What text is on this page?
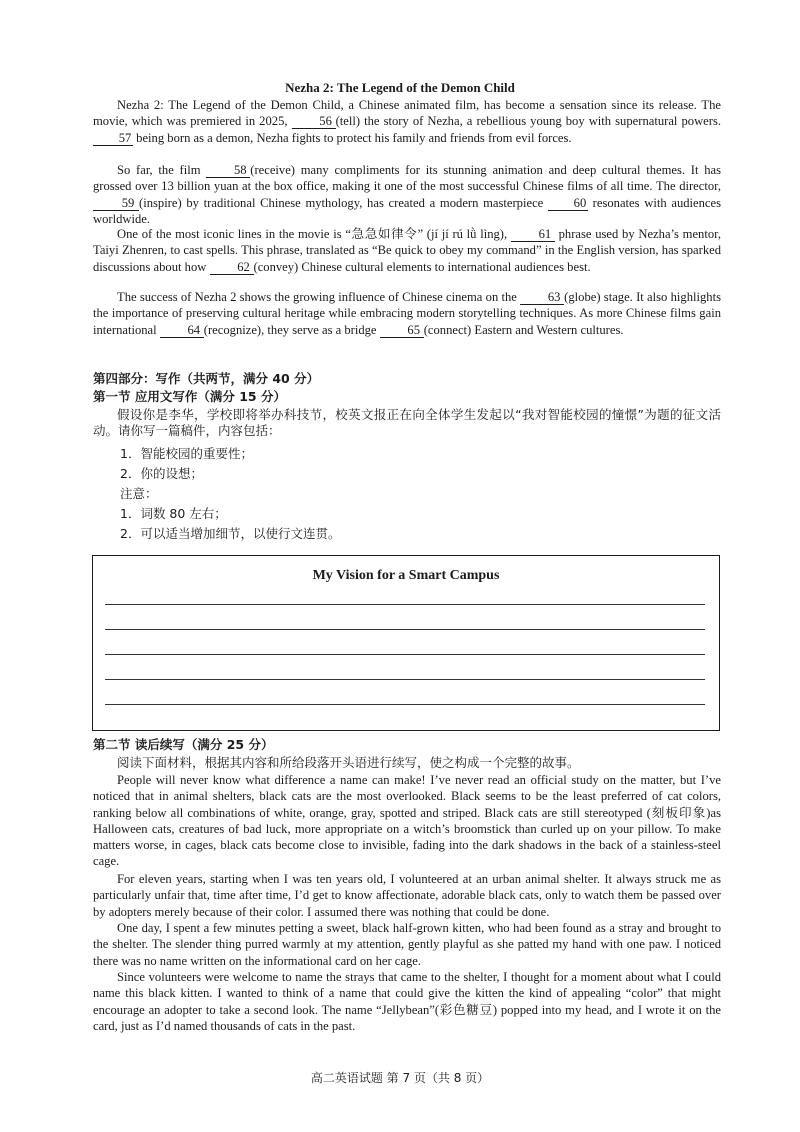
Nezha 2: The Legend of the Demon Child

Nezha 2: The Legend of the Demon Child, a Chinese animated film, has become a sensation since its release. The movie, which was premiered in 2025, 56 (tell) the story of Nezha, a rebellious young boy with supernatural powers. 57 being born as a demon, Nezha fights to protect his family and friends from evil forces.

So far, the film 58 (receive) many compliments for its stunning animation and deep cultural themes. It has grossed over 13 billion yuan at the box office, making it one of the most successful Chinese films of all time. The director, 59 (inspire) by traditional Chinese mythology, has created a modern masterpiece 60 resonates with audiences worldwide.

One of the most iconic lines in the movie is “急急如律令” (jí jí rú lǜ lìng), 61 phrase used by Nezha’s mentor, Taiyi Zhenren, to cast spells. This phrase, translated as “Be quick to obey my command” in the English version, has sparked discussions about how 62 (convey) Chinese cultural elements to international audiences best.

The success of Nezha 2 shows the growing influence of Chinese cinema on the 63 (globe) stage. It also highlights the importance of preserving cultural heritage while embracing modern storytelling techniques. As more Chinese films gain international 64 (recognize), they serve as a bridge 65 (connect) Eastern and Western cultures.

第四部分：写作（共两节，满分 40 分）

第一节 应用文写作（满分 15 分）

假设你是李华，学校即将举办科技节，校英文报正在向全体学生发起以“我对智能校园的憧憬”为题的征文活动。请你写一篇稿件，内容包括：

1．智能校园的重要性；

2．你的设想；

注意：

1．词数 80 左右；

2．可以适当增加细节，以使行文连贯。

My Vision for a Smart Campus

第二节 读后续写（满分 25 分）

阅读下面材料，根据其内容和所给段落开头语进行续写，使之构成一个完整的故事。

People will never know what difference a name can make! I’ve never read an official study on the matter, but I’ve noticed that in animal shelters, black cats are the most overlooked. Black seems to be the least preferred of cat colors, ranking below all combinations of white, orange, gray, spotted and striped. Black cats are still stereotyped (刻板印象)as Halloween cats, creatures of bad luck, more appropriate on a witch’s broomstick than curled up on your pillow. To make matters worse, in cages, black cats become close to invisible, fading into the dark shadows in the back of a stainless-steel cage.

For eleven years, starting when I was ten years old, I volunteered at an urban animal shelter. It always struck me as particularly unfair that, time after time, I’d get to know affectionate, adorable black cats, only to watch them be passed over by adopters merely because of their color. I assumed there was nothing that could be done.

One day, I spent a few minutes petting a sweet, black half-grown kitten, who had been found as a stray and brought to the shelter. The slender thing purred warmly at my attention, gently playful as she patted my hand with one paw. I noticed there was no name written on the informational card on her cage.

Since volunteers were welcome to name the strays that came to the shelter, I thought for a moment about what I could name this black kitten. I wanted to think of a name that could give the kitten the kind of appealing “color” that might encourage an adopter to take a second look. The name “Jellybean”(彩色糖豆) popped into my head, and I wrote it on the card, just as I’d named thousands of cats in the past.

高二英语试题 第 7 页（共 8 页）
